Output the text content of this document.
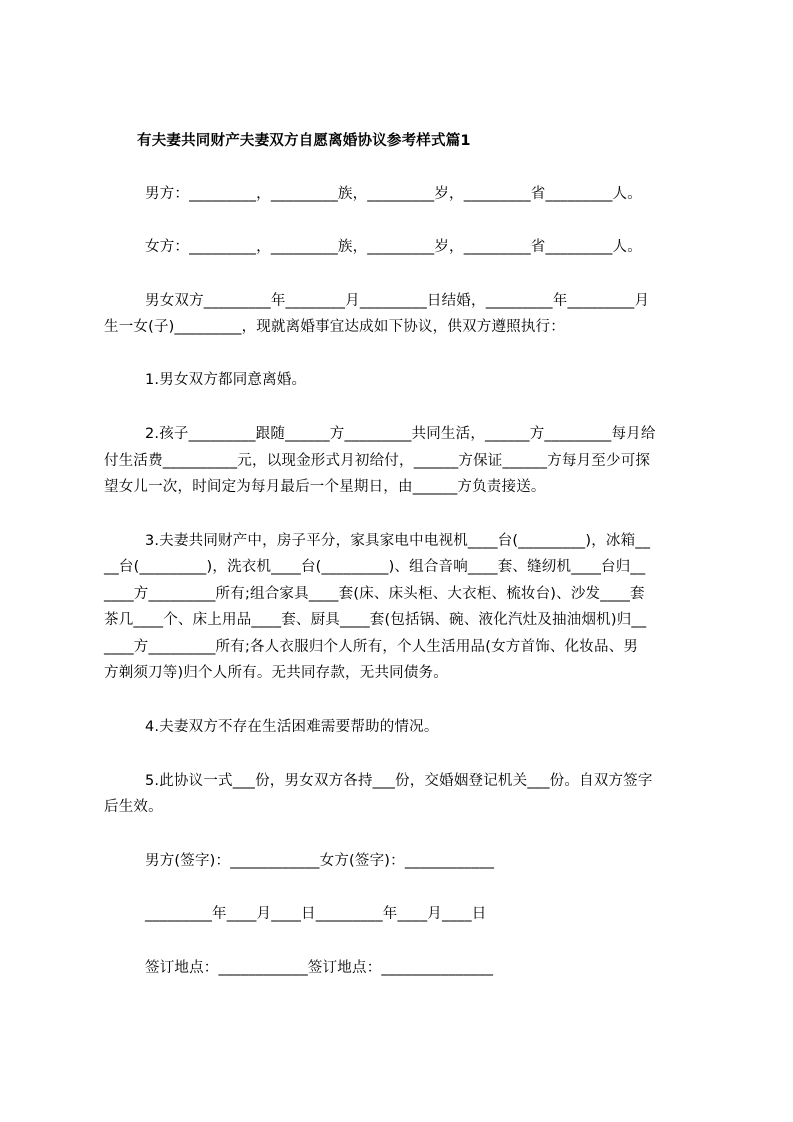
有夫妻共同财产夫妻双方自愿离婚协议参考样式篇1
男方：_________，_________族，_________岁，_________省_________人。
女方：_________，_________族，_________岁，_________省_________人。
男女双方_________年________月_________日结婚，_________年_________月
生一女(子)_________，现就离婚事宜达成如下协议，供双方遵照执行：
1.男女双方都同意离婚。
2.孩子_________跟随______方_________共同生活，______方_________每月给
付生活费__________元，以现金形式月初给付，______方保证______方每月至少可探
望女儿一次，时间定为每月最后一个星期日，由______方负责接送。
3.夫妻共同财产中，房子平分，家具家电中电视机____台(_________)，冰箱__
__台(_________)，洗衣机____台(_________)、组合音响____套、缝纫机____台归__
____方_________所有;组合家具____套(床、床头柜、大衣柜、梳妆台)、沙发____套
茶几____个、床上用品____套、厨具____套(包括锅、碗、液化汽灶及抽油烟机)归__
____方_________所有;各人衣服归个人所有，个人生活用品(女方首饰、化妆品、男
方剃须刀等)归个人所有。无共同存款，无共同债务。
4.夫妻双方不存在生活困难需要帮助的情况。
5.此协议一式___份，男女双方各持___份，交婚姻登记机关___份。自双方签字
后生效。
男方(签字)：____________女方(签字)：____________
_________年____月____日_________年____月____日
签订地点：____________签订地点：_______________
